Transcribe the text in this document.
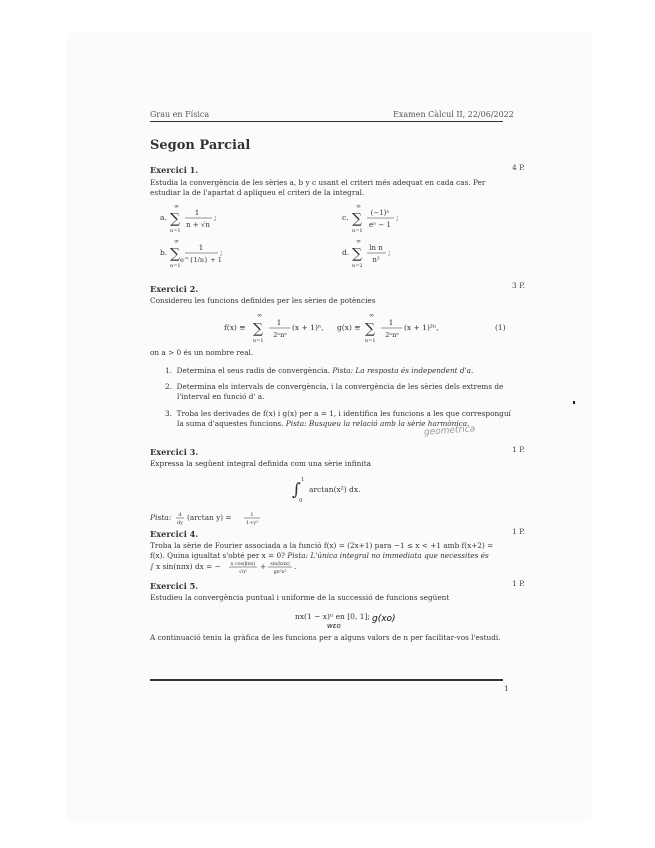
Grau en Física	Examen Càlcul II, 22/06/2022
Segon Parcial
Exercici 1.	4 P.
Estudia la convergència de les sèries a, b y c usant el criteri més adequat en cada cas. Per
estudiar la de l'apartat d apliqueu el criteri de la integral.
a.
∞
∑
n=1
1
n + √n
;	c.
∞
∑
n=1
(−1)ⁿ
eⁿ − 1
;
b.
∞
∑
n=1
1
e^{1/n} + 1
;	d.
∞
∑
n=2
ln n
n²
;
Exercici 2.	3 P.
Considereu les funcions definides per les sèries de potències
f(x) ≡
∞
∑
n=1
1
2ⁿnᵃ
(x + 1)ⁿ, g(x) ≡
∞
∑
n=1
1
2ⁿnᵃ
(x + 1)²ⁿ,	(1)
on a > 0 és un nombre real.
1. Determina el seus radis de convergència. Pista: La resposta és independent d'a.
2. Determina els intervals de convergència, i la convergència de les sèries dels extrems de
l'interval en funció d' a.
3. Troba les derivades de f(x) i g(x) per a = 1, i identifica les funcions a les que corresponguí
la suma d'aquestes funcions. Pista: Busqueu la relació amb la sèrie harmònica.
geometrica
Exercici 3.	1 P.
Expressa la següent integral definida com una sèrie infinita
∫ 1
0
arctan(x²) dx.
Pista: d
dy
(arctan y) =	1
1+y²
Exercici 4.	1 P.
Troba la sèrie de Fourier associada a la funció f(x) = (2x+1) para −1 ≤ x < +1 amb f(x+2) =
f(x). Quina igualtat s'obté per x = 0? Pista: L'única integral no immediata que necessites és
∫ x sin(nπx) dx = − x cos(βπx)
√π²
+ sin(kπx)
gπ²x²
.
Exercici 5.	1 P.
Estudieu la convergència puntual i uniforme de la successió de funcions següent
nx(1 − x)ⁿ en [0, 1]; g(xo)
wεo
A continuació teniu la gràfica de les funcions per a alguns valors de n per facilitar-vos l'estudi.
1
